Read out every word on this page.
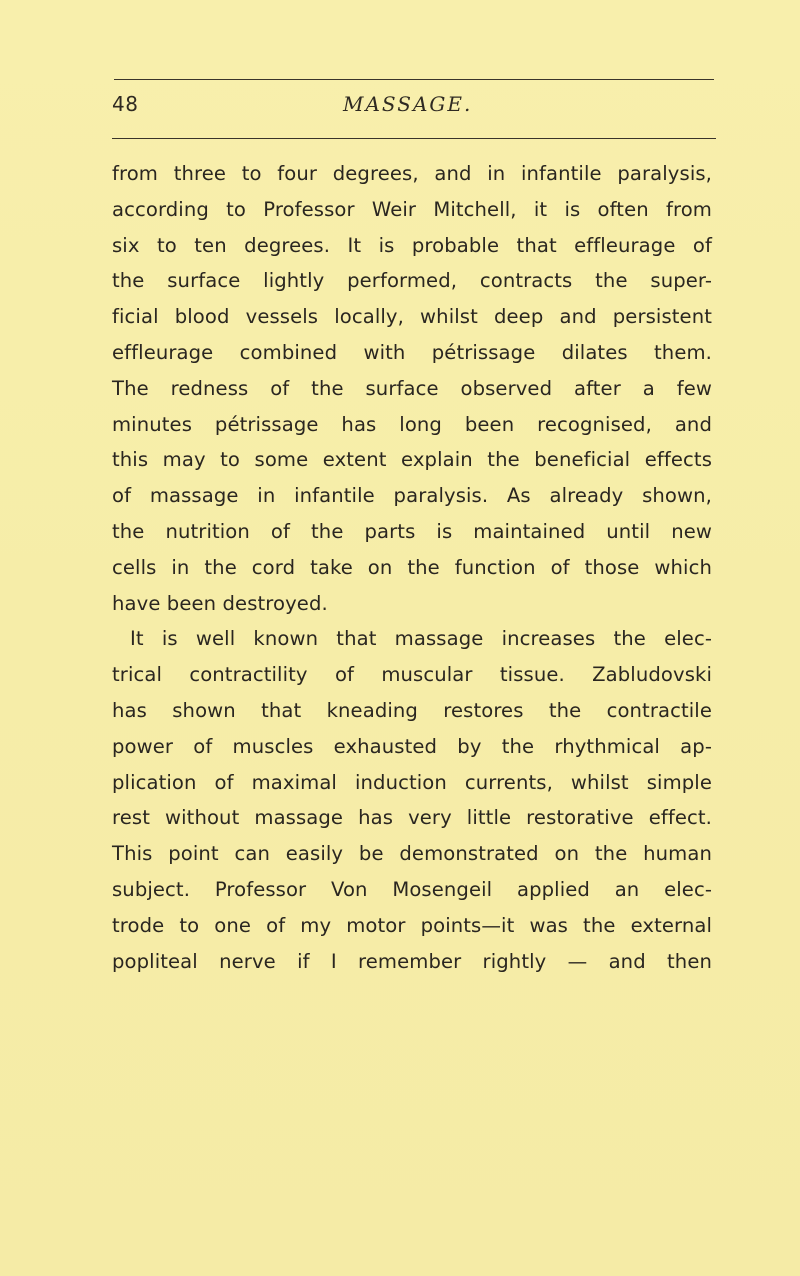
48	MASSAGE.
from three to four degrees, and in infantile paralysis,
according to Professor Weir Mitchell, it is often from
six to ten degrees. It is probable that effleurage of
the surface lightly performed, contracts the super-
ficial blood vessels locally, whilst deep and persistent
effleurage combined with pétrissage dilates them.
The redness of the surface observed after a few
minutes pétrissage has long been recognised, and
this may to some extent explain the beneficial effects
of massage in infantile paralysis. As already shown,
the nutrition of the parts is maintained until new
cells in the cord take on the function of those which
have been destroyed.
It is well known that massage increases the elec-
trical contractility of muscular tissue. Zabludovski
has shown that kneading restores the contractile
power of muscles exhausted by the rhythmical ap-
plication of maximal induction currents, whilst simple
rest without massage has very little restorative effect.
This point can easily be demonstrated on the human
subject. Professor Von Mosengeil applied an elec-
trode to one of my motor points—it was the external
popliteal nerve if I remember rightly — and then
